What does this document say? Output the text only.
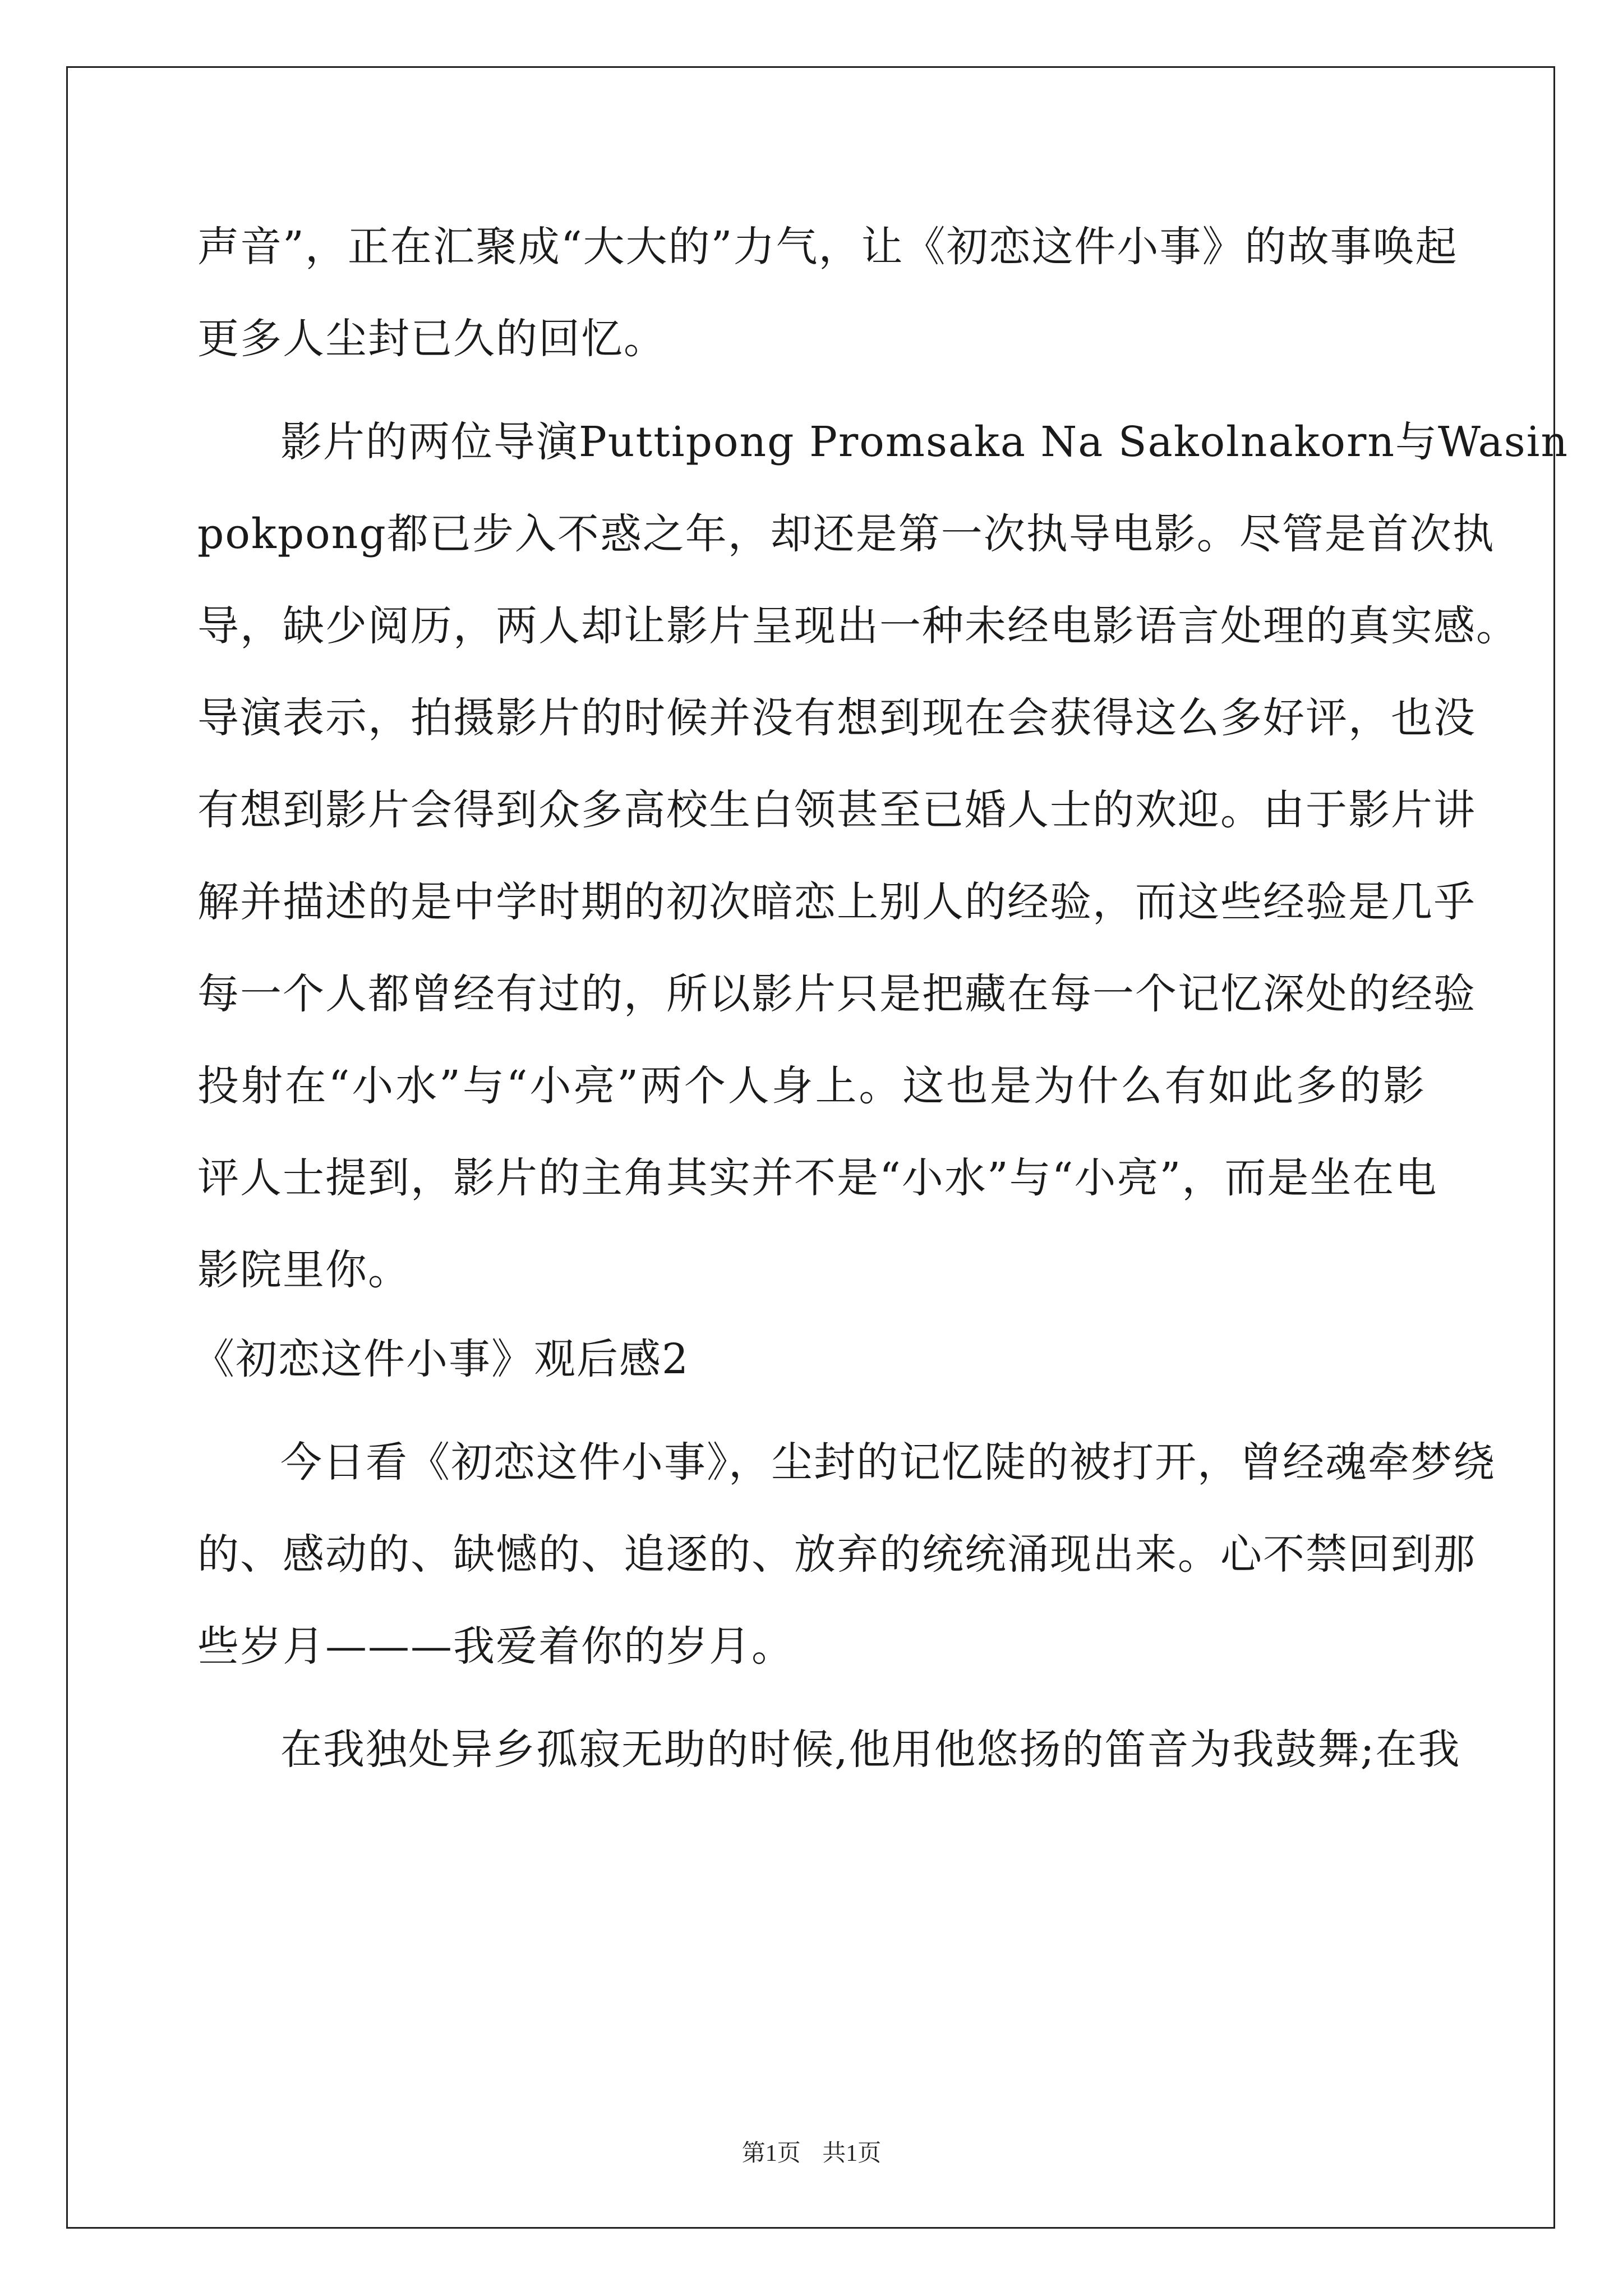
声音”，正在汇聚成“大大的”力气，让《初恋这件小事》的故事唤起
更多人尘封已久的回忆。
影片的两位导演Puttipong Promsaka Na Sakolnakorn与Wasin
pokpong都已步入不惑之年，却还是第一次执导电影。尽管是首次执
导，缺少阅历，两人却让影片呈现出一种未经电影语言处理的真实感。
导演表示，拍摄影片的时候并没有想到现在会获得这么多好评，也没
有想到影片会得到众多高校生白领甚至已婚人士的欢迎。由于影片讲
解并描述的是中学时期的初次暗恋上别人的经验，而这些经验是几乎
每一个人都曾经有过的，所以影片只是把藏在每一个记忆深处的经验
投射在“小水”与“小亮”两个人身上。这也是为什么有如此多的影
评人士提到，影片的主角其实并不是“小水”与“小亮”，而是坐在电
影院里你。
《初恋这件小事》观后感2
今日看《初恋这件小事》，尘封的记忆陡的被打开，曾经魂牵梦绕
的、感动的、缺憾的、追逐的、放弃的统统涌现出来。心不禁回到那
些岁月———我爱着你的岁月。
在我独处异乡孤寂无助的时候,他用他悠扬的笛音为我鼓舞;在我
第1页 共1页
